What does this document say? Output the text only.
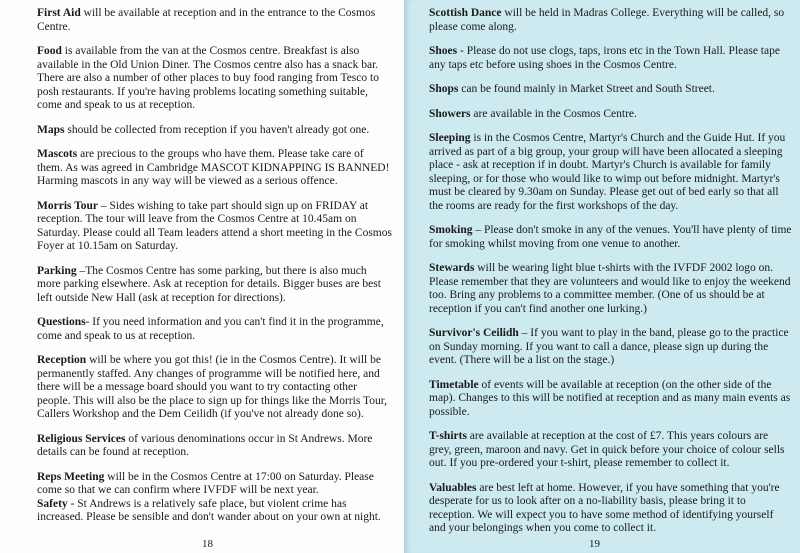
First Aid will be available at reception and in the entrance to the Cosmos Centre.

Food is available from the van at the Cosmos centre. Breakfast is also available in the Old Union Diner. The Cosmos centre also has a snack bar. There are also a number of other places to buy food ranging from Tesco to posh restaurants. If you're having problems locating something suitable, come and speak to us at reception.

Maps should be collected from reception if you haven't already got one.

Mascots are precious to the groups who have them. Please take care of them. As was agreed in Cambridge MASCOT KIDNAPPING IS BANNED! Harming mascots in any way will be viewed as a serious offence.

Morris Tour – Sides wishing to take part should sign up on FRIDAY at reception. The tour will leave from the Cosmos Centre at 10.45am on Saturday. Please could all Team leaders attend a short meeting in the Cosmos Foyer at 10.15am on Saturday.

Parking –The Cosmos Centre has some parking, but there is also much more parking elsewhere. Ask at reception for details. Bigger buses are best left outside New Hall (ask at reception for directions).

Questions- If you need information and you can't find it in the programme, come and speak to us at reception.

Reception will be where you got this! (ie in the Cosmos Centre). It will be permanently staffed. Any changes of programme will be notified here, and there will be a message board should you want to try contacting other people. This will also be the place to sign up for things like the Morris Tour, Callers Workshop and the Dem Ceilidh (if you've not already done so).

Religious Services of various denominations occur in St Andrews. More details can be found at reception.

Reps Meeting will be in the Cosmos Centre at 17:00 on Saturday. Please come so that we can confirm where IVFDF will be next year.

Safety - St Andrews is a relatively safe place, but violent crime has increased. Please be sensible and don't wander about on your own at night.

18

Scottish Dance will be held in Madras College. Everything will be called, so please come along.

Shoes - Please do not use clogs, taps, irons etc in the Town Hall. Please tape any taps etc before using shoes in the Cosmos Centre.

Shops can be found mainly in Market Street and South Street.

Showers are available in the Cosmos Centre.

Sleeping is in the Cosmos Centre, Martyr's Church and the Guide Hut. If you arrived as part of a big group, your group will have been allocated a sleeping place - ask at reception if in doubt. Martyr's Church is available for family sleeping, or for those who would like to wimp out before midnight. Martyr's must be cleared by 9.30am on Sunday. Please get out of bed early so that all the rooms are ready for the first workshops of the day.

Smoking – Please don't smoke in any of the venues. You'll have plenty of time for smoking whilst moving from one venue to another.

Stewards will be wearing light blue t-shirts with the IVFDF 2002 logo on. Please remember that they are volunteers and would like to enjoy the weekend too. Bring any problems to a committee member. (One of us should be at reception if you can't find another one lurking.)

Survivor's Ceilidh – If you want to play in the band, please go to the practice on Sunday morning. If you want to call a dance, please sign up during the event. (There will be a list on the stage.)

Timetable of events will be available at reception (on the other side of the map). Changes to this will be notified at reception and as many main events as possible.

T-shirts are available at reception at the cost of £7. This years colours are grey, green, maroon and navy. Get in quick before your choice of colour sells out. If you pre-ordered your t-shirt, please remember to collect it.

Valuables are best left at home. However, if you have something that you're desperate for us to look after on a no-liability basis, please bring it to reception. We will expect you to have some method of identifying yourself and your belongings when you come to collect it.

19
